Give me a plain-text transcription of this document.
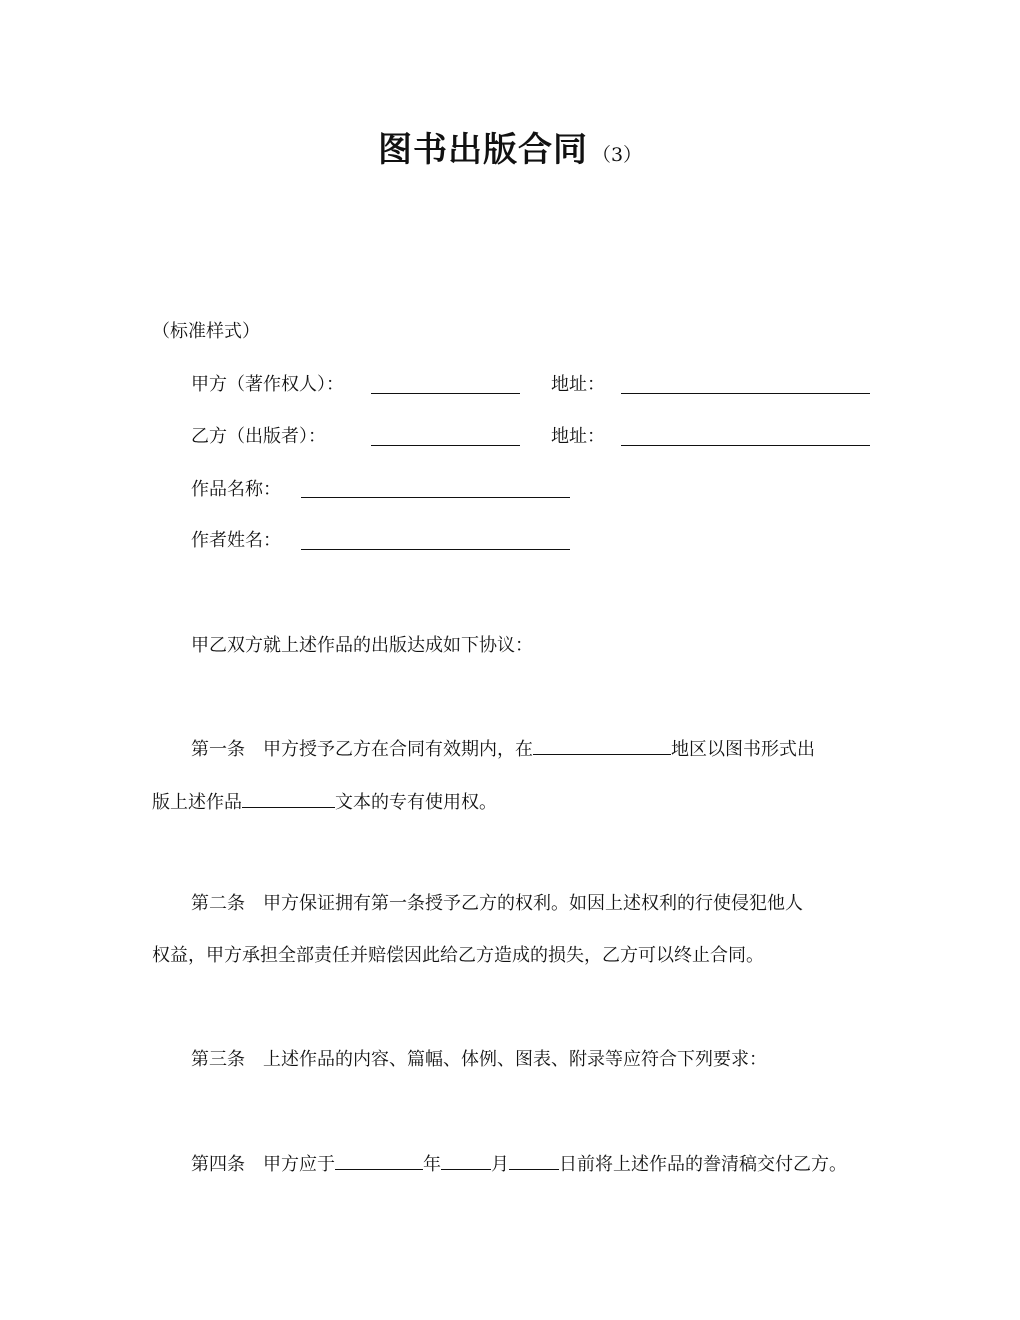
图书出版合同 （3）
（标准样式）
甲方（著作权人）：	地址：
乙方（出版者）：	地址：
作品名称：
作者姓名：
甲乙双方就上述作品的出版达成如下协议：
第一条 甲方授予乙方在合同有效期内，在	地区以图书形式出
版上述作品	文本的专有使用权。
第二条 甲方保证拥有第一条授予乙方的权利。如因上述权利的行使侵犯他人
权益，甲方承担全部责任并赔偿因此给乙方造成的损失，乙方可以终止合同。
第三条 上述作品的内容、篇幅、体例、图表、附录等应符合下列要求：
第四条 甲方应于	年	月	日前将上述作品的誊清稿交付乙方。
